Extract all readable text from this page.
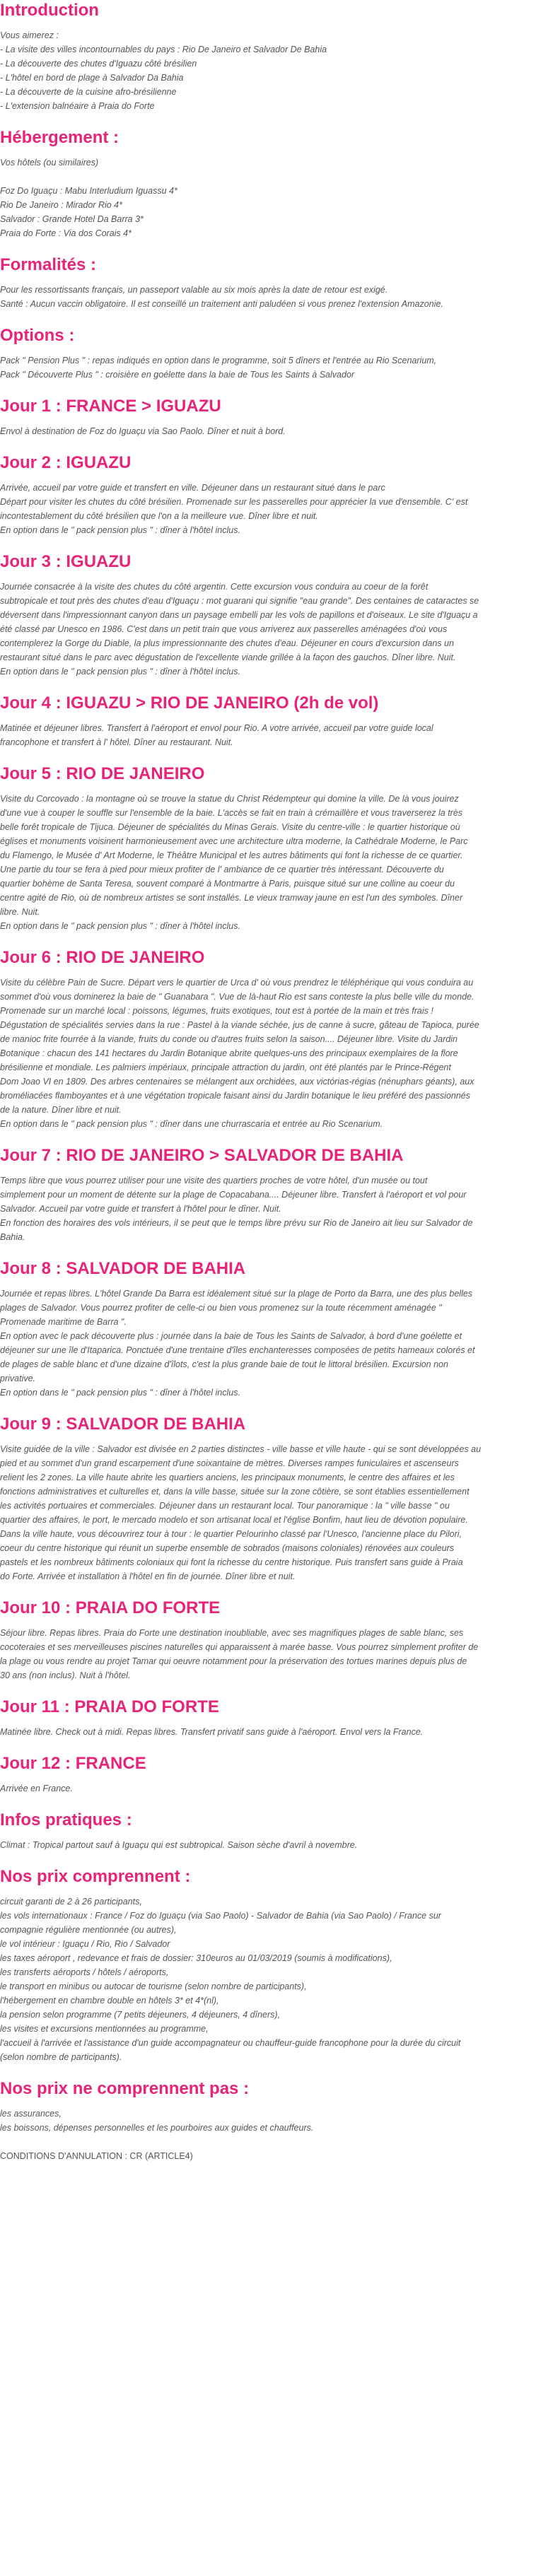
Introduction

Vous aimerez :

- La visite des villes incontournables du pays : Rio De Janeiro et Salvador De Bahia

- La découverte des chutes d'Iguazu côté brésilien

- L'hôtel en bord de plage à Salvador Da Bahia

- La découverte de la cuisine afro-brésilienne

- L'extension balnéaire à Praia do Forte

Hébergement :

Vos hôtels (ou similaires)

Foz Do Iguaçu : Mabu Interludium Iguassu 4*

Rio De Janeiro : Mirador Rio 4*

Salvador : Grande Hotel Da Barra 3*

Praia do Forte : Via dos Corais 4*

Formalités :

Pour les ressortissants français, un passeport valable au six mois après la date de retour est exigé.

Santé : Aucun vaccin obligatoire. Il est conseillé un traitement anti paludéen si vous prenez l'extension Amazonie.

Options :

Pack " Pension Plus " : repas indiqués en option dans le programme, soit 5 dîners et l'entrée au Rio Scenarium,

Pack " Découverte Plus " : croisière en goélette dans la baie de Tous les Saints à Salvador

Jour 1 : FRANCE > IGUAZU

Envol à destination de Foz do Iguaçu via Sao Paolo. Dîner et nuit à bord.

Jour 2 : IGUAZU

Arrivée, accueil par votre guide et transfert en ville. Déjeuner dans un restaurant situé dans le parc

Départ pour visiter les chutes du côté brésilien. Promenade sur les passerelles pour apprécier la vue d'ensemble. C' est

incontestablement du côté brésilien que l'on a la meilleure vue. Dîner libre et nuit.

En option dans le " pack pension plus " : dîner à l'hôtel inclus.

Jour 3 : IGUAZU

Journée consacrée à la visite des chutes du côté argentin. Cette excursion vous conduira au coeur de la forêt

subtropicale et tout près des chutes d'eau d'Iguaçu : mot guarani qui signifie "eau grande". Des centaines de cataractes se

déversent dans l'impressionnant canyon dans un paysage embelli par les vols de papillons et d'oiseaux. Le site d'Iguaçu a

été classé par Unesco en 1986. C'est dans un petit train que vous arriverez aux passerelles aménagées d'où vous

contemplerez la Gorge du Diable, la plus impressionnante des chutes d'eau. Déjeuner en cours d'excursion dans un

restaurant situé dans le parc avec dégustation de l'excellente viande grillée à la façon des gauchos. Dîner libre. Nuit.

En option dans le " pack pension plus " : dîner à l'hôtel inclus.

Jour 4 : IGUAZU > RIO DE JANEIRO (2h de vol)

Matinée et déjeuner libres. Transfert à l'aéroport et envol pour Rio. A votre arrivée, accueil par votre guide local

francophone et transfert à l' hôtel. Dîner au restaurant. Nuit.

Jour 5 : RIO DE JANEIRO

Visite du Corcovado : la montagne où se trouve la statue du Christ Rédempteur qui domine la ville. De là vous jouirez

d'une vue à couper le souffle sur l'ensemble de la baie. L'accès se fait en train à crémaillère et vous traverserez la très

belle forêt tropicale de Tijuca. Déjeuner de spécialités du Minas Gerais. Visite du centre-ville : le quartier historique où

églises et monuments voisinent harmonieusement avec une architecture ultra moderne, la Cathédrale Moderne, le Parc

du Flamengo, le Musée d' Art Moderne, le Théâtre Municipal et les autres bâtiments qui font la richesse de ce quartier.

Une partie du tour se fera à pied pour mieux profiter de l' ambiance de ce quartier très intéressant. Découverte du

quartier bohème de Santa Teresa, souvent comparé à Montmartre à Paris, puisque situé sur une colline au coeur du

centre agité de Rio, où de nombreux artistes se sont installés. Le vieux tramway jaune en est l'un des symboles. Dîner

libre. Nuit.

En option dans le " pack pension plus " : dîner à l'hôtel inclus.

Jour 6 : RIO DE JANEIRO

Visite du célèbre Pain de Sucre. Départ vers le quartier de Urca d' où vous prendrez le téléphérique qui vous conduira au

sommet d'où vous dominerez la baie de " Guanabara ". Vue de là-haut Rio est sans conteste la plus belle ville du monde.

Promenade sur un marché local : poissons, légumes, fruits exotiques, tout est à portée de la main et très frais !

Dégustation de spécialités servies dans la rue : Pastel à la viande séchée, jus de canne à sucre, gâteau de Tapioca, purée

de manioc frite fourrée à la viande, fruits du conde ou d'autres fruits selon la saison.... Déjeuner libre. Visite du Jardin

Botanique : chacun des 141 hectares du Jardin Botanique abrite quelques-uns des principaux exemplaires de la flore

brésilienne et mondiale. Les palmiers impériaux, principale attraction du jardin, ont été plantés par le Prince-Régent

Dom Joao VI en 1809. Des arbres centenaires se mélangent aux orchidées, aux victórias-régias (nénuphars géants), aux

broméliacées flamboyantes et à une végétation tropicale faisant ainsi du Jardin botanique le lieu préféré des passionnés

de la nature. Dîner libre et nuit.

En option dans le " pack pension plus " : dîner dans une churrascaria et entrée au Rio Scenarium.

Jour 7 : RIO DE JANEIRO > SALVADOR DE BAHIA

Temps libre que vous pourrez utiliser pour une visite des quartiers proches de votre hôtel, d'un musée ou tout

simplement pour un moment de détente sur la plage de Copacabana.... Déjeuner libre. Transfert à l'aéroport et vol pour

Salvador. Accueil par votre guide et transfert à l'hôtel pour le dîner. Nuit.

En fonction des horaires des vols intérieurs, il se peut que le temps libre prévu sur Rio de Janeiro ait lieu sur Salvador de

Bahia.

Jour 8 : SALVADOR DE BAHIA

Journée et repas libres. L'hôtel Grande Da Barra est idéalement situé sur la plage de Porto da Barra, une des plus belles

plages de Salvador. Vous pourrez profiter de celle-ci ou bien vous promenez sur la toute récemment aménagée "

Promenade maritime de Barra ".

En option avec le pack découverte plus : journée dans la baie de Tous les Saints de Salvador, à bord d'une goélette et

déjeuner sur une île d'Itaparica. Ponctuée d'une trentaine d'îles enchanteresses composées de petits hameaux colorés et

de plages de sable blanc et d'une dizaine d'îlots, c'est la plus grande baie de tout le littoral brésilien. Excursion non

privative.

En option dans le " pack pension plus " : dîner à l'hôtel inclus.

Jour 9 : SALVADOR DE BAHIA

Visite guidée de la ville : Salvador est divisée en 2 parties distinctes - ville basse et ville haute - qui se sont développées au

pied et au sommet d'un grand escarpement d'une soixantaine de mètres. Diverses rampes funiculaires et ascenseurs

relient les 2 zones. La ville haute abrite les quartiers anciens, les principaux monuments, le centre des affaires et les

fonctions administratives et culturelles et, dans la ville basse, située sur la zone côtière, se sont établies essentiellement

les activités portuaires et commerciales. Déjeuner dans un restaurant local. Tour panoramique : la " ville basse " ou

quartier des affaires, le port, le mercado modelo et son artisanat local et l'église Bonfim, haut lieu de dévotion populaire.

Dans la ville haute, vous découvrirez tour à tour : le quartier Pelourinho classé par l'Unesco, l'ancienne place du Pilori,

coeur du centre historique qui réunit un superbe ensemble de sobrados (maisons coloniales) rénovées aux couleurs

pastels et les nombreux bâtiments coloniaux qui font la richesse du centre historique. Puis transfert sans guide à Praia

do Forte. Arrivée et installation à l'hôtel en fin de journée. Dîner libre et nuit.

Jour 10 : PRAIA DO FORTE

Séjour libre. Repas libres. Praia do Forte une destination inoubliable, avec ses magnifiques plages de sable blanc, ses

cocoteraies et ses merveilleuses piscines naturelles qui apparaissent à marée basse. Vous pourrez simplement profiter de

la plage ou vous rendre au projet Tamar qui oeuvre notamment pour la préservation des tortues marines depuis plus de

30 ans (non inclus). Nuit à l'hôtel.

Jour 11 : PRAIA DO FORTE

Matinée libre. Check out à midi. Repas libres. Transfert privatif sans guide à l'aéroport. Envol vers la France.

Jour 12 : FRANCE

Arrivée en France.

Infos pratiques :

Climat : Tropical partout sauf à Iguaçu qui est subtropical. Saison sèche d'avril à novembre.

Nos prix comprennent :

circuit garanti de 2 à 26 participants,

les vols internationaux : France / Foz do Iguaçu (via Sao Paolo) - Salvador de Bahia (via Sao Paolo) / France sur

compagnie régulière mentionnée (ou autres),

le vol intérieur : Iguaçu / Rio, Rio / Salvador

les taxes aéroport , redevance et frais de dossier: 310euros au 01/03/2019 (soumis à modifications),

les transferts aéroports / hôtels / aéroports,

le transport en minibus ou autocar de tourisme (selon nombre de participants),

l'hébergement en chambre double en hôtels 3* et 4*(nl),

la pension selon programme (7 petits déjeuners, 4 déjeuners, 4 dîners),

les visites et excursions mentionnées au programme,

l'accueil à l'arrivée et l'assistance d'un guide accompagnateur ou chauffeur-guide francophone pour la durée du circuit

(selon nombre de participants).

Nos prix ne comprennent pas :

les assurances,

les boissons, dépenses personnelles et les pourboires aux guides et chauffeurs.

CONDITIONS D'ANNULATION : CR (ARTICLE4)
